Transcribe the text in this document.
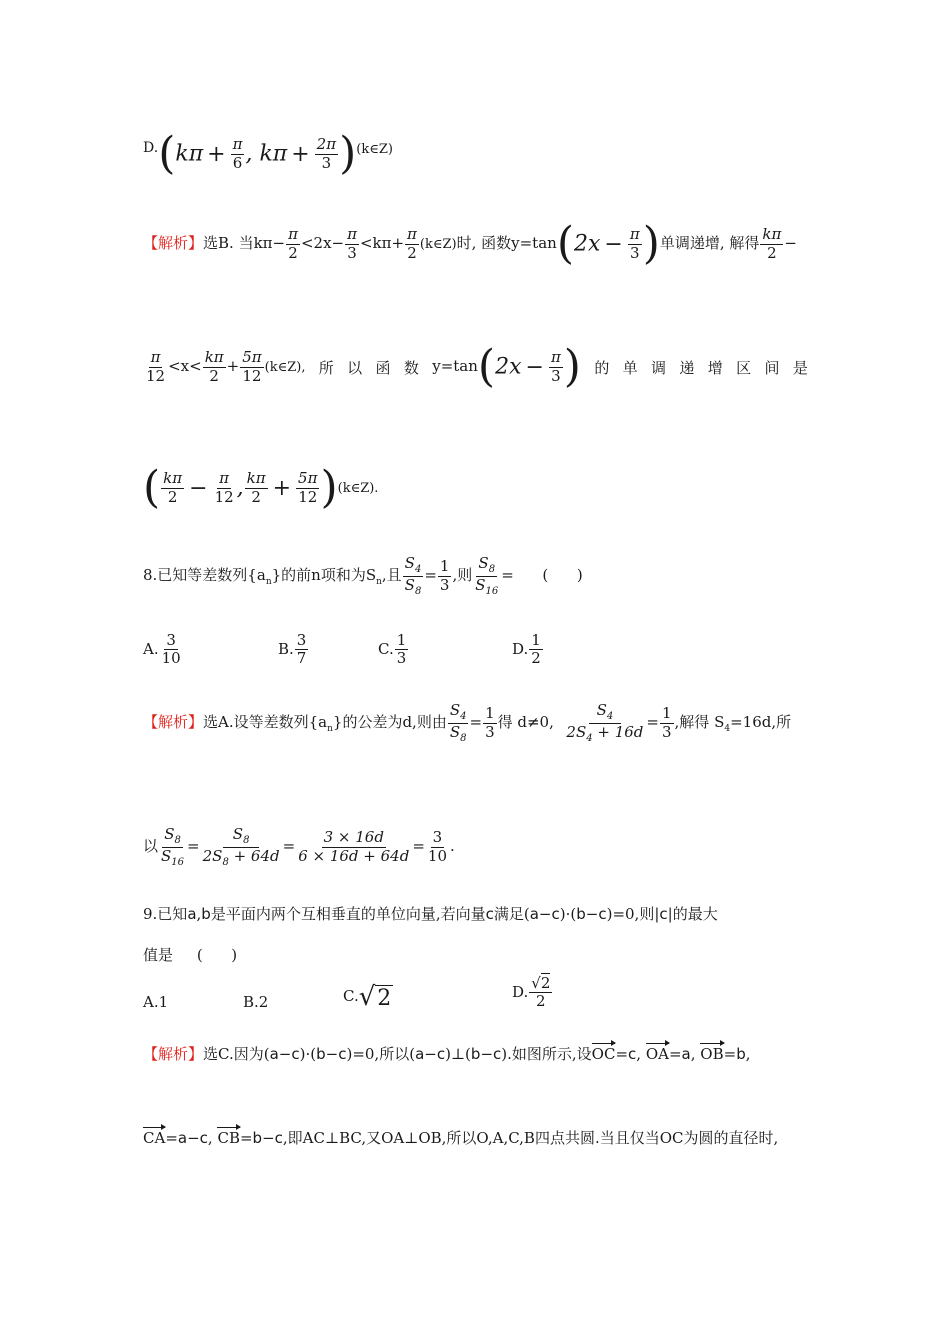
$D.(k\pi + \frac{\pi}{6}$ , $k\pi + \frac{2\pi}{3}$ )(k∈Z)
【解析】选B. 当$k\pi- \frac{\pi}{2} <2x- \frac{\pi}{3} <k\pi+ \frac{\pi}{2}$ (k∈Z)时, 函数$y=\tan(2x - \frac{\pi}{3}$ )单调递增, 解得 $\frac{k\pi}{2}$ −
$\frac{\pi}{12} <x< \frac{k\pi}{2} + \frac{5\pi}{12}$ (k∈Z), 所 以 函 数 $y=\tan(2x - \frac{\pi}{3}$ ) 的 单 调 递 增 区 间 是
( $\frac{k\pi}{2} - \frac{\pi}{12}$ , $\frac{k\pi}{2} + \frac{5\pi}{12}$ )(k∈Z).
8.已知等差数列$\{a_n\}$的前n项和为$S_n$,且 $\frac{S_4}{S_8} = \frac{1}{3}$ ,则 $\frac{S_8}{S_{16}}$ =      (      )
A. $\frac{3}{10}$	B. $\frac{3}{7}$	C. $\frac{1}{3}$	D. $\frac{1}{2}$
【解析】选A.设等差数列$\{a_n\}$的公差为d,则由 $\frac{S_4}{S_8} = \frac{1}{3}$ 得 d≠0, $\frac{S_4}{2S_4 + 16d} = \frac{1}{3}$ ,解得 $S_4=16d$,所
以 $\frac{S_8}{S_{16}} = \frac{S_8}{2S_8 + 64d} = \frac{3 \times 16d}{6 \times 16d + 64d} = \frac{3}{10}$ .
9.已知a,b是平面内两个互相垂直的单位向量,若向量c满足(a−c)·(b−c)=0,则|c|的最大
值是     (      )
A.1	B.2	C.√2	D. $\frac{√2}{2}$
【解析】选C.因为(a−c)·(b−c)=0,所以(a−c)⊥(b−c).如图所示,设OC=c, OA=a, OB=b,
CA=a−c, CB=b−c,即AC⊥BC,又OA⊥OB,所以O,A,C,B四点共圆.当且仅当OC为圆的直径时,
